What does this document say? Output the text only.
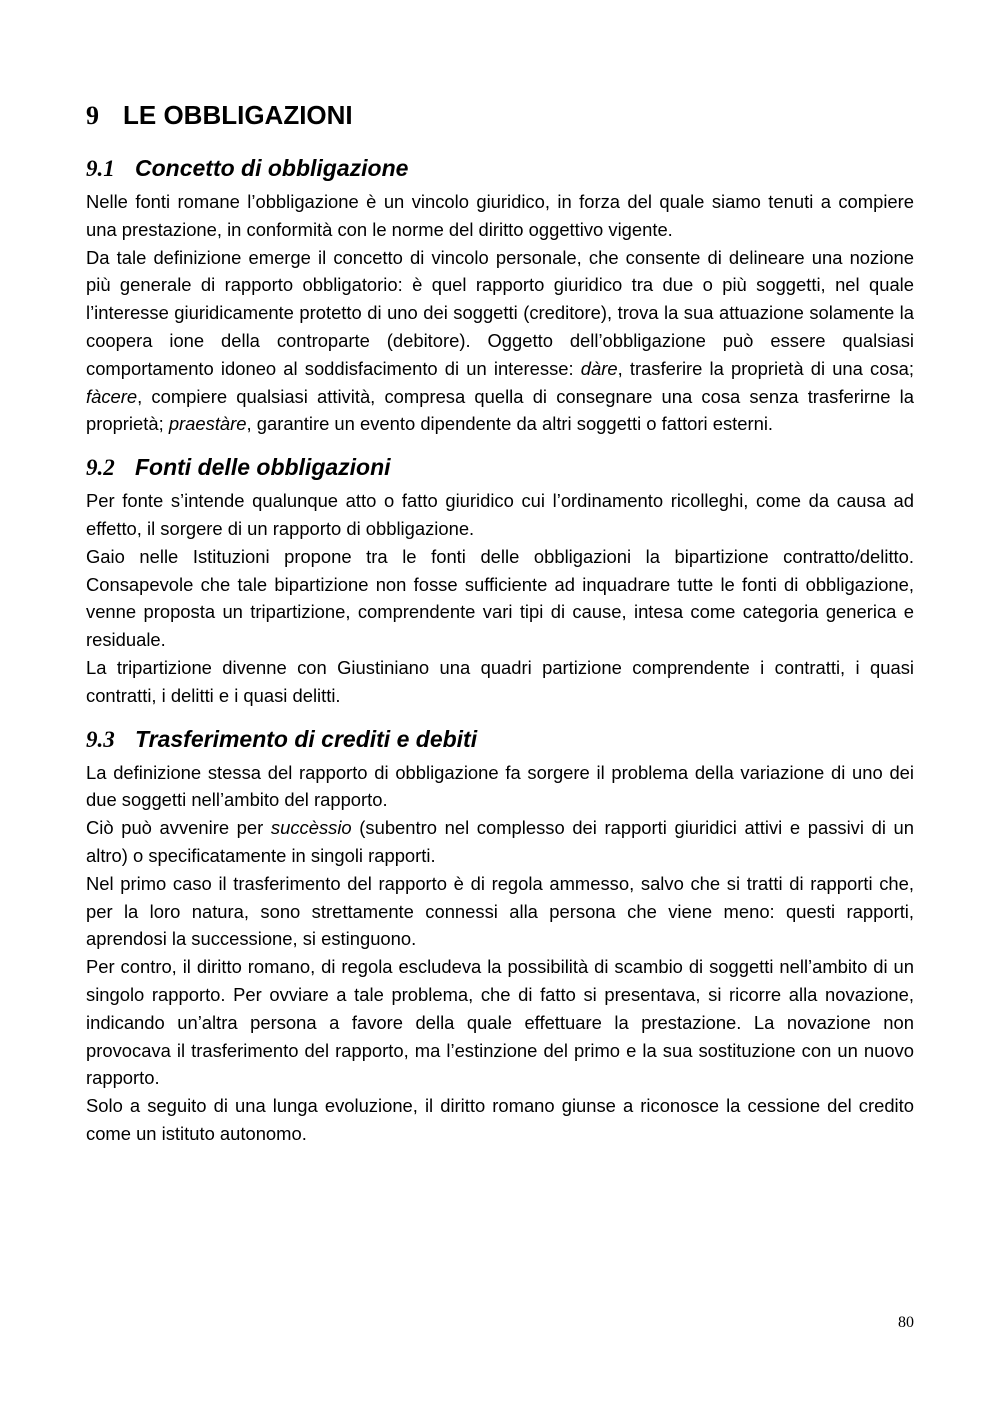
9 LE OBBLIGAZIONI
9.1 Concetto di obbligazione

Nelle fonti romane l’obbligazione è un vincolo giuridico, in forza del quale siamo tenuti a compiere una prestazione, in conformità con le norme del diritto oggettivo vigente.

Da tale definizione emerge il concetto di vincolo personale, che consente di delineare una nozione più generale di rapporto obbligatorio: è quel rapporto giuridico tra due o più soggetti, nel quale l’interesse giuridicamente protetto di uno dei soggetti (creditore), trova la sua attuazione solamente la coopera ione della controparte (debitore). Oggetto dell’obbligazione può essere qualsiasi comportamento idoneo al soddisfacimento di un interesse: dàre, trasferire la proprietà di una cosa; fàcere, compiere qualsiasi attività, compresa quella di consegnare una cosa senza trasferirne la proprietà; praestàre, garantire un evento dipendente da altri soggetti o fattori esterni.

9.2 Fonti delle obbligazioni

Per fonte s’intende qualunque atto o fatto giuridico cui l’ordinamento ricolleghi, come da causa ad effetto, il sorgere di un rapporto di obbligazione.

Gaio nelle Istituzioni propone tra le fonti delle obbligazioni la bipartizione contratto/delitto. Consapevole che tale bipartizione non fosse sufficiente ad inquadrare tutte le fonti di obbligazione, venne proposta un tripartizione, comprendente vari tipi di cause, intesa come categoria generica e residuale.

La tripartizione divenne con Giustiniano una quadri partizione comprendente i contratti, i quasi contratti, i delitti e i quasi delitti.

9.3 Trasferimento di crediti e debiti

La definizione stessa del rapporto di obbligazione fa sorgere il problema della variazione di uno dei due soggetti nell’ambito del rapporto.

Ciò può avvenire per succèssio (subentro nel complesso dei rapporti giuridici attivi e passivi di un altro) o specificatamente in singoli rapporti.

Nel primo caso il trasferimento del rapporto è di regola ammesso, salvo che si tratti di rapporti che, per la loro natura, sono strettamente connessi alla persona che viene meno: questi rapporti, aprendosi la successione, si estinguono.

Per contro, il diritto romano, di regola escludeva la possibilità di scambio di soggetti nell’ambito di un singolo rapporto. Per ovviare a tale problema, che di fatto si presentava, si ricorre alla novazione, indicando un’altra persona a favore della quale effettuare la prestazione. La novazione non provocava il trasferimento del rapporto, ma l’estinzione del primo e la sua sostituzione con un nuovo rapporto.

Solo a seguito di una lunga evoluzione, il diritto romano giunse a riconosce la cessione del credito come un istituto autonomo.

80
